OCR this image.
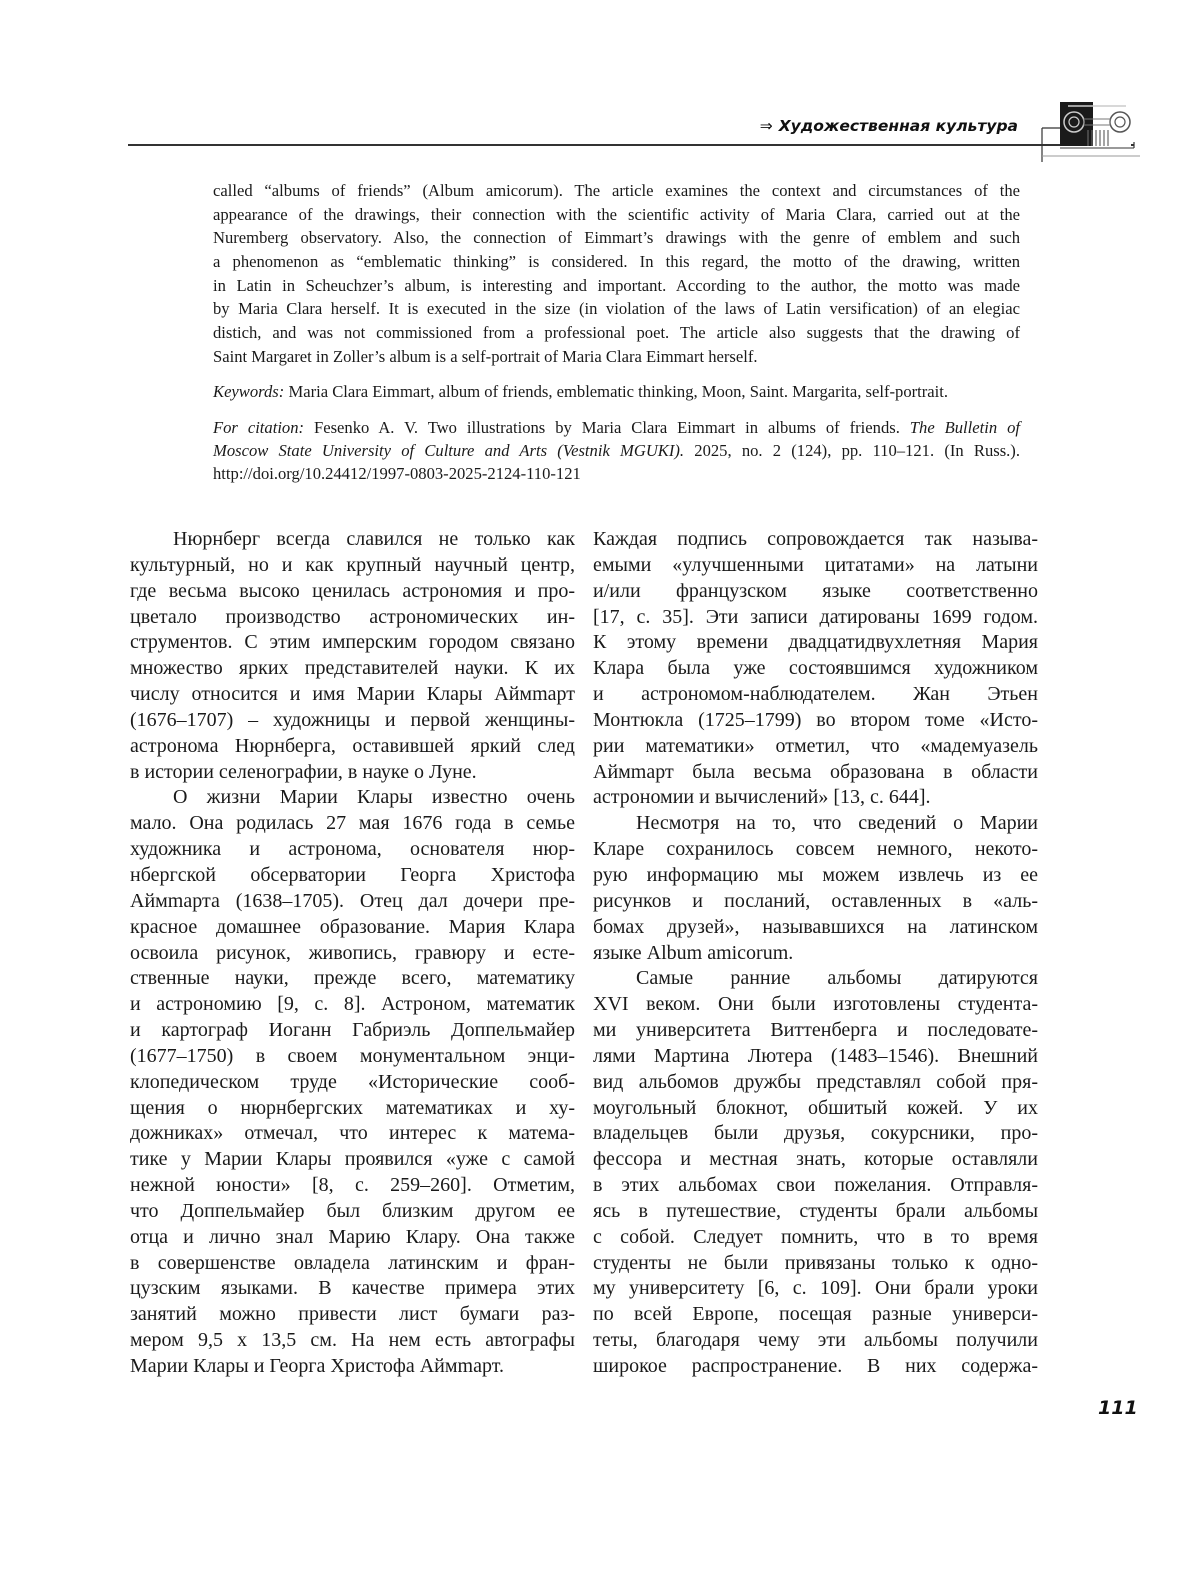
⇒ Художественная культура
called “albums of friends” (Album amicorum). The article examines the context and circumstances of the
appearance of the drawings, their connection with the scientific activity of Maria Clara, carried out at the
Nuremberg observatory. Also, the connection of Eimmart’s drawings with the genre of emblem and such
a phenomenon as “emblematic thinking” is considered. In this regard, the motto of the drawing, written
in Latin in Scheuchzer’s album, is interesting and important. According to the author, the motto was made
by Maria Clara herself. It is executed in the size (in violation of the laws of Latin versification) of an elegiac
distich, and was not commissioned from a professional poet. The article also suggests that the drawing of
Saint Margaret in Zoller’s album is a self-portrait of Maria Clara Eimmart herself.
Keywords: Maria Clara Eimmart, album of friends, emblematic thinking, Moon, Saint. Margarita, self-portrait.
For citation: Fesenko A. V. Two illustrations by Maria Clara Eimmart in albums of friends. The Bulletin of
Moscow State University of Culture and Arts (Vestnik MGUKI). 2025, no. 2 (124), pp. 110–121. (In Russ.).
http://doi.org/10.24412/1997-0803-2025-2124-110-121
Нюрнберг всегда славился не только как
культурный, но и как крупный научный центр,
где весьма высоко ценилась астрономия и про-
цветало производство астрономических ин-
струментов. С этим имперским городом связано
множество ярких представителей науки. К их
числу относится и имя Марии Клары Аймmарт
(1676–1707) – художницы и первой женщины-
астронома Нюрнберга, оставившей яркий след
в истории селенографии, в науке о Луне.
О жизни Марии Клары известно очень
мало. Она родилась 27 мая 1676 года в семье
художника и астронома, основателя нюр-
нбергской обсерватории Георга Христофа
Аймmарта (1638–1705). Отец дал дочери пре-
красное домашнее образование. Мария Клара
освоила рисунок, живопись, гравюру и есте-
ственные науки, прежде всего, математику
и астрономию [9, с. 8]. Астроном, математик
и картограф Иоганн Габриэль Доппельмайер
(1677–1750) в своем монументальном энци-
клопедическом труде «Исторические сооб-
щения о нюрнбергских математиках и ху-
дожниках» отмечал, что интерес к матема-
тике у Марии Клары проявился «уже с самой
нежной юности» [8, с. 259–260]. Отметим,
что Доппельмайер был близким другом ее
отца и лично знал Марию Клару. Она также
в совершенстве овладела латинским и фран-
цузским языками. В качестве примера этих
занятий можно привести лист бумаги раз-
мером 9,5 х 13,5 см. На нем есть автографы
Марии Клары и Георга Христофа Аймmарт.
Каждая подпись сопровождается так называ-
емыми «улучшенными цитатами» на латыни
и/или французском языке соответственно
[17, с. 35]. Эти записи датированы 1699 годом.
К этому времени двадцатидвухлетняя Мария
Клара была уже состоявшимся художником
и астрономом-наблюдателем. Жан Этьен
Монтюкла (1725–1799) во втором томе «Исто-
рии математики» отметил, что «мадемуазель
Аймmарт была весьма образована в области
астрономии и вычислений» [13, с. 644].
Несмотря на то, что сведений о Марии
Кларе сохранилось совсем немного, некото-
рую информацию мы можем извлечь из ее
рисунков и посланий, оставленных в «аль-
бомах друзей», называвшихся на латинском
языке Album amicorum.
Самые ранние альбомы датируются
XVI веком. Они были изготовлены студента-
ми университета Виттенберга и последовате-
лями Мартина Лютера (1483–1546). Внешний
вид альбомов дружбы представлял собой пря-
моугольный блокнот, обшитый кожей. У их
владельцев были друзья, сокурсники, про-
фессора и местная знать, которые оставляли
в этих альбомах свои пожелания. Отправля-
ясь в путешествие, студенты брали альбомы
с собой. Следует помнить, что в то время
студенты не были привязаны только к одно-
му университету [6, с. 109]. Они брали уроки
по всей Европе, посещая разные универси-
теты, благодаря чему эти альбомы получили
широкое распространение. В них содержа-
111
